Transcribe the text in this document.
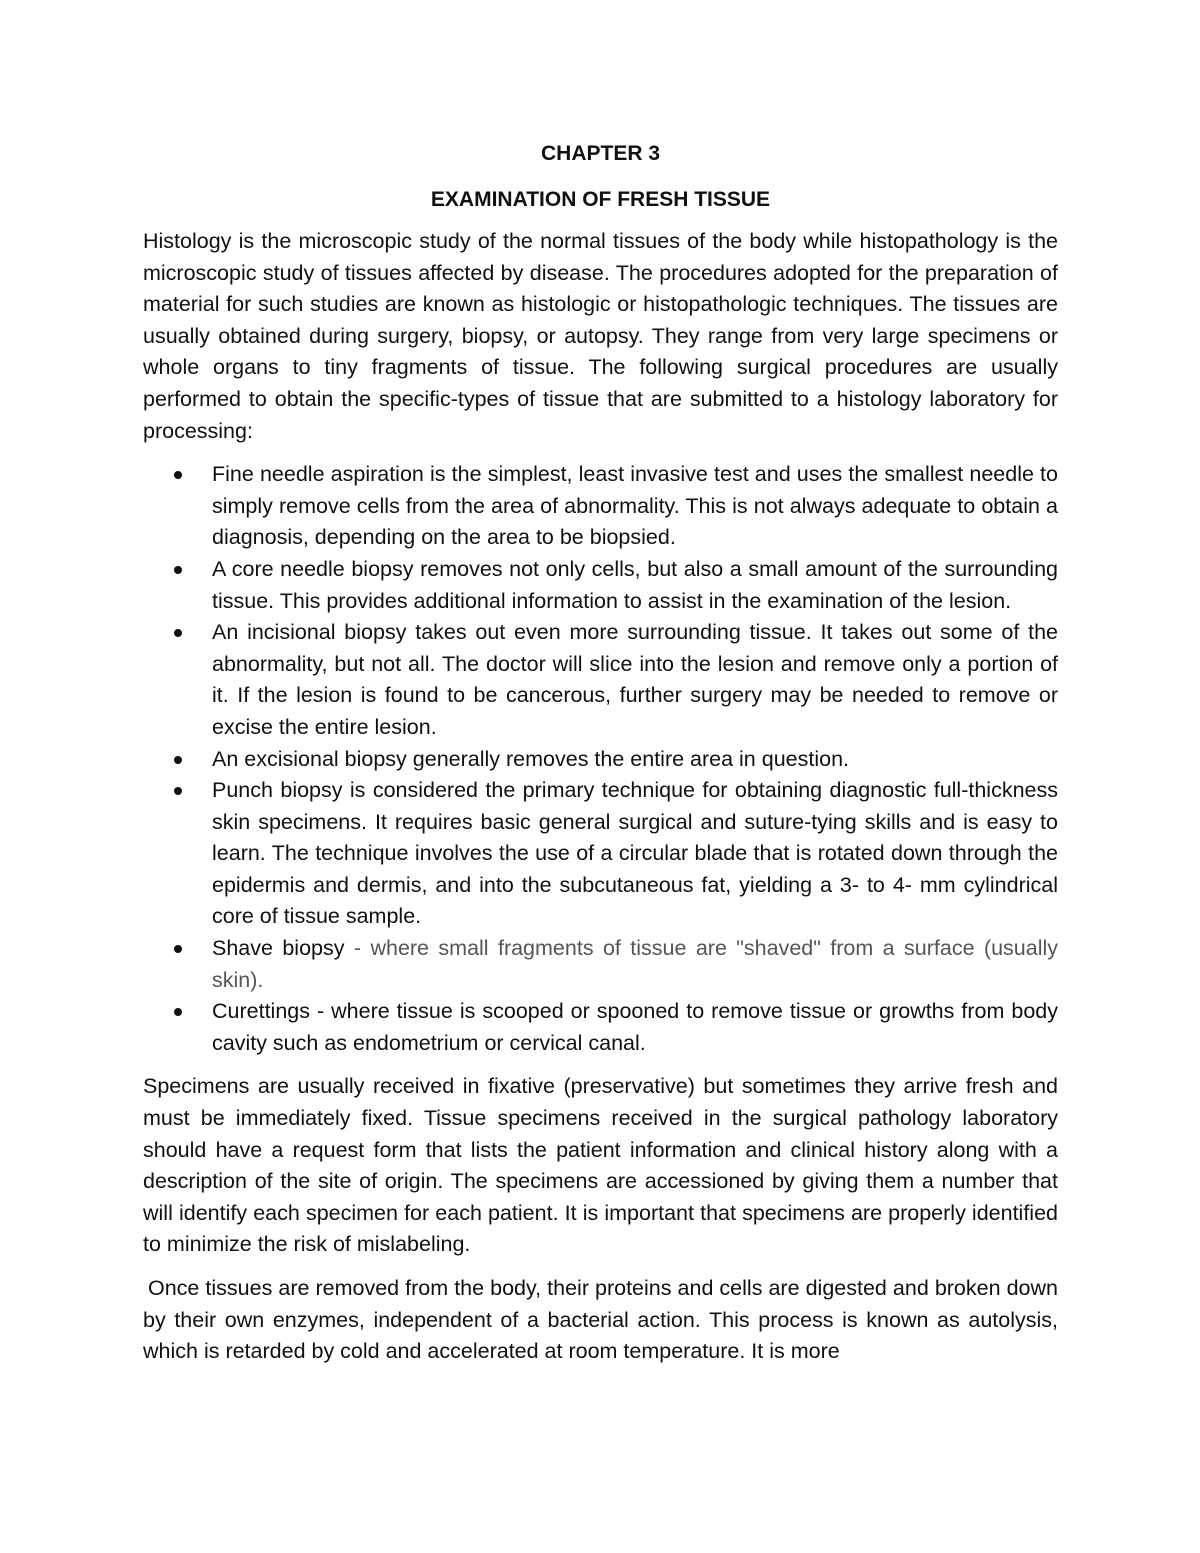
CHAPTER 3
EXAMINATION OF FRESH TISSUE

Histology is the microscopic study of the normal tissues of the body while histopathology is the microscopic study of tissues affected by disease. The procedures adopted for the preparation of material for such studies are known as histologic or histopathologic techniques. The tissues are usually obtained during surgery, biopsy, or autopsy. They range from very large specimens or whole organs to tiny fragments of tissue. The following surgical procedures are usually performed to obtain the specific-types of tissue that are submitted to a histology laboratory for processing:

Fine needle aspiration is the simplest, least invasive test and uses the smallest needle to simply remove cells from the area of abnormality. This is not always adequate to obtain a diagnosis, depending on the area to be biopsied.
A core needle biopsy removes not only cells, but also a small amount of the surrounding tissue. This provides additional information to assist in the examination of the lesion.
An incisional biopsy takes out even more surrounding tissue. It takes out some of the abnormality, but not all. The doctor will slice into the lesion and remove only a portion of it. If the lesion is found to be cancerous, further surgery may be needed to remove or excise the entire lesion.
An excisional biopsy generally removes the entire area in question.
Punch biopsy is considered the primary technique for obtaining diagnostic full-thickness skin specimens. It requires basic general surgical and suture-tying skills and is easy to learn. The technique involves the use of a circular blade that is rotated down through the epidermis and dermis, and into the subcutaneous fat, yielding a 3- to 4- mm cylindrical core of tissue sample.
Shave biopsy - where small fragments of tissue are "shaved" from a surface (usually skin).
Curettings - where tissue is scooped or spooned to remove tissue or growths from body cavity such as endometrium or cervical canal.

Specimens are usually received in fixative (preservative) but sometimes they arrive fresh and must be immediately fixed. Tissue specimens received in the surgical pathology laboratory should have a request form that lists the patient information and clinical history along with a description of the site of origin. The specimens are accessioned by giving them a number that will identify each specimen for each patient. It is important that specimens are properly identified to minimize the risk of mislabeling.

Once tissues are removed from the body, their proteins and cells are digested and broken down by their own enzymes, independent of a bacterial action. This process is known as autolysis, which is retarded by cold and accelerated at room temperature. It is more
